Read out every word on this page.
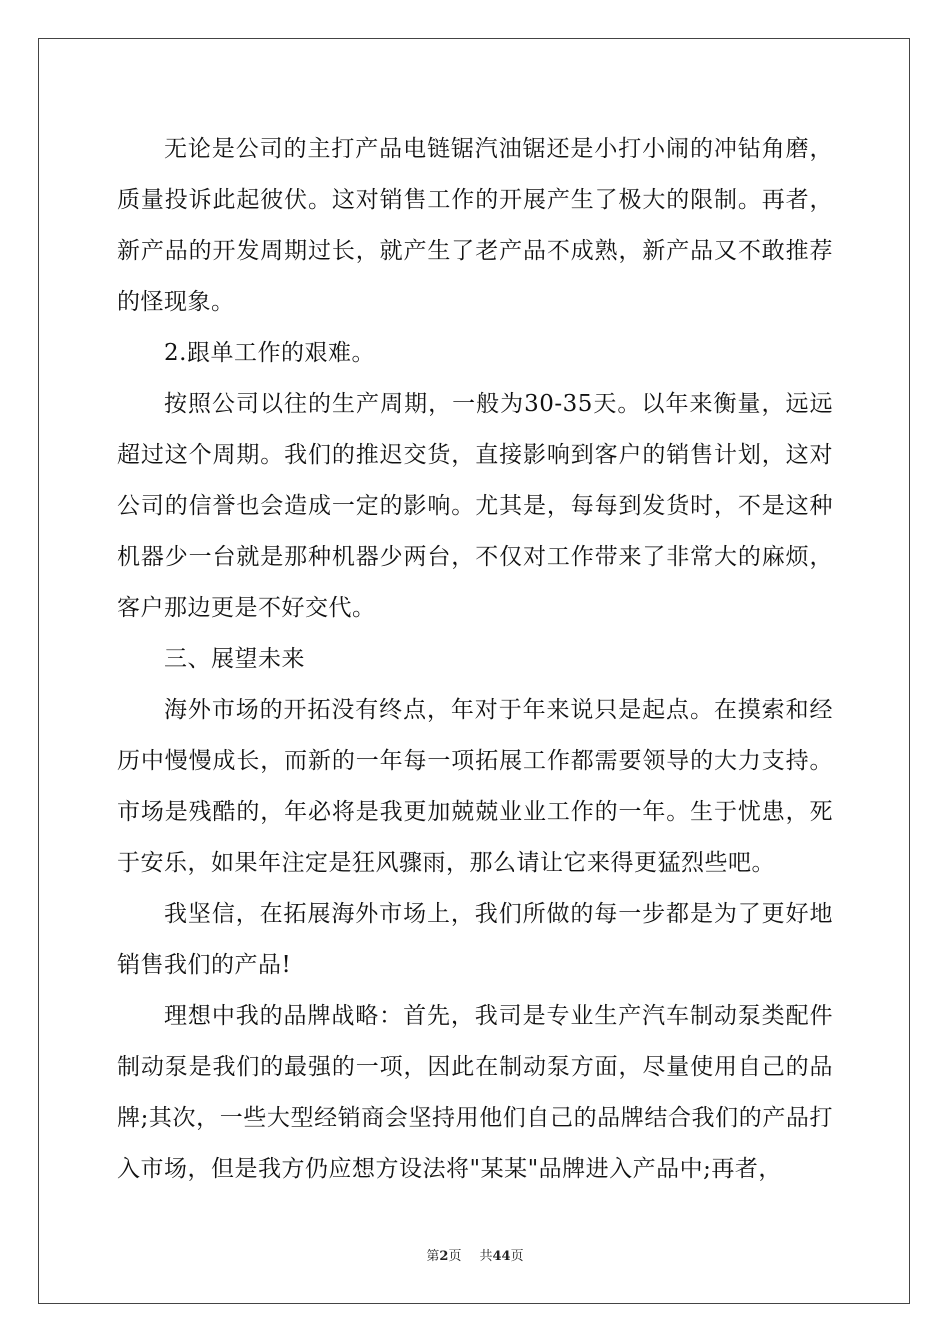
无论是公司的主打产品电链锯汽油锯还是小打小闹的冲钻角磨，质量投诉此起彼伏。这对销售工作的开展产生了极大的限制。再者，新产品的开发周期过长，就产生了老产品不成熟，新产品又不敢推荐的怪现象。

2.跟单工作的艰难。

按照公司以往的生产周期，一般为30-35天。以年来衡量，远远超过这个周期。我们的推迟交货，直接影响到客户的销售计划，这对公司的信誉也会造成一定的影响。尤其是，每每到发货时，不是这种机器少一台就是那种机器少两台，不仅对工作带来了非常大的麻烦，客户那边更是不好交代。

三、展望未来

海外市场的开拓没有终点，年对于年来说只是起点。在摸索和经历中慢慢成长，而新的一年每一项拓展工作都需要领导的大力支持。市场是残酷的，年必将是我更加兢兢业业工作的一年。生于忧患，死于安乐，如果年注定是狂风骤雨，那么请让它来得更猛烈些吧。

我坚信，在拓展海外市场上，我们所做的每一步都是为了更好地销售我们的产品!

理想中我的品牌战略：首先，我司是专业生产汽车制动泵类配件制动泵是我们的最强的一项，因此在制动泵方面，尽量使用自己的品牌;其次，一些大型经销商会坚持用他们自己的品牌结合我们的产品打入市场，但是我方仍应想方设法将"某某"品牌进入产品中;再者，

第2页 共44页
